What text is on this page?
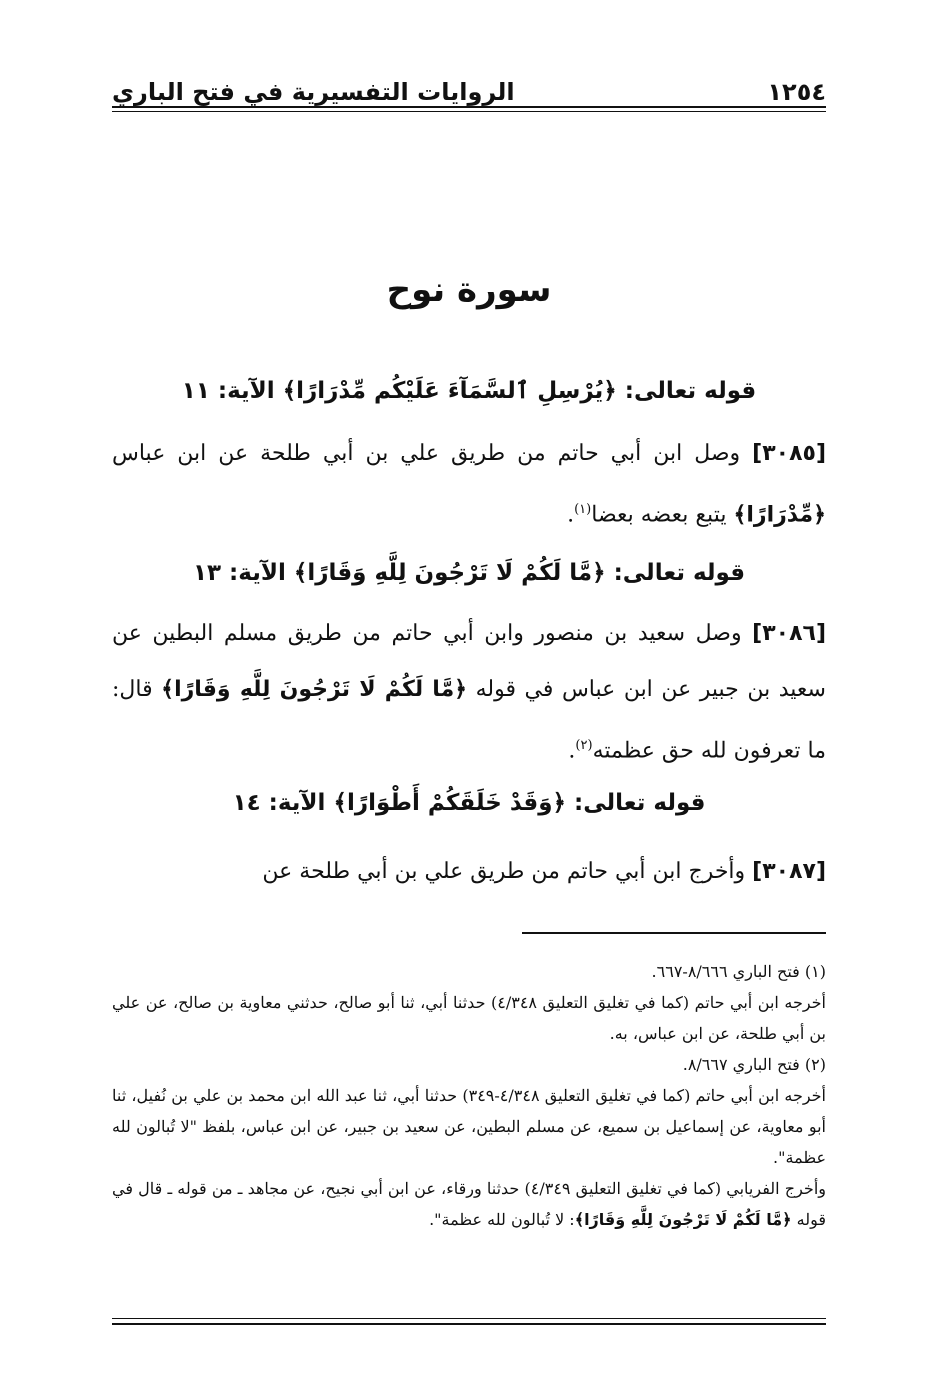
١٢٥٤
الروايات التفسيرية في فتح الباري
سورة نوح
قوله تعالى: ﴿يُرْسِلِ ٱلسَّمَآءَ عَلَيْكُم مِّدْرَارًا﴾ الآية: ١١
[٣٠٨٥] وصل ابن أبي حاتم من طريق علي بن أبي طلحة عن ابن عباس ﴿مِّدْرَارًا﴾ يتبع بعضه بعضا$^{(١)}$.
قوله تعالى: ﴿مَّا لَكُمْ لَا تَرْجُونَ لِلَّهِ وَقَارًا﴾ الآية: ١٣
[٣٠٨٦] وصل سعيد بن منصور وابن أبي حاتم من طريق مسلم البطين عن سعيد بن جبير عن ابن عباس في قوله ﴿مَّا لَكُمْ لَا تَرْجُونَ لِلَّهِ وَقَارًا﴾ قال: ما تعرفون لله حق عظمته$^{(٢)}$.
قوله تعالى: ﴿وَقَدْ خَلَقَكُمْ أَطْوَارًا﴾ الآية: ١٤
[٣٠٨٧] وأخرج ابن أبي حاتم من طريق علي بن أبي طلحة عن
(١) فتح الباري ٨/٦٦٦-٦٦٧.
أخرجه ابن أبي حاتم (كما في تغليق التعليق ٤/٣٤٨) حدثنا أبي، ثنا أبو صالح، حدثني معاوية بن صالح، عن علي بن أبي طلحة، عن ابن عباس، به.
(٢) فتح الباري ٨/٦٦٧.
أخرجه ابن أبي حاتم (كما في تغليق التعليق ٤/٣٤٨-٣٤٩) حدثنا أبي، ثنا عبد الله ابن محمد بن علي بن نُفيل، ثنا أبو معاوية، عن إسماعيل بن سميع، عن مسلم البطين، عن سعيد بن جبير، عن ابن عباس، بلفظ "لا تُبالون لله عظمة".
وأخرج الفريابي (كما في تغليق التعليق ٤/٣٤٩) حدثنا ورقاء، عن ابن أبي نجيح، عن مجاهد ـ من قوله ـ قال في قوله ﴿مَّا لَكُمْ لَا تَرْجُونَ لِلَّهِ وَقَارًا﴾: لا تُبالون لله عظمة".
